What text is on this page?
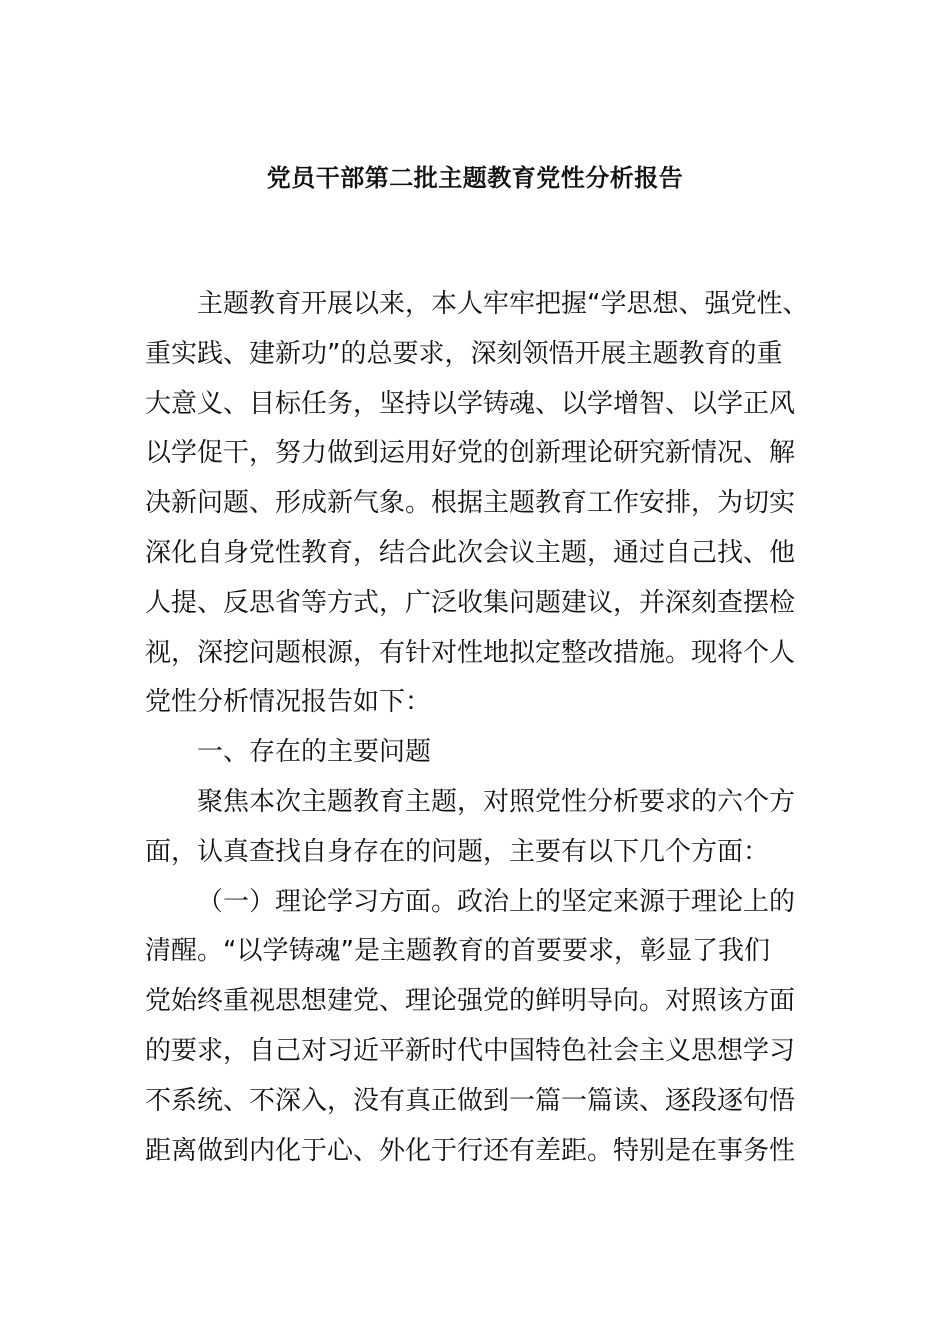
党员干部第二批主题教育党性分析报告
主题教育开展以来，本人牢牢把握“学思想、强党性、
重实践、建新功”的总要求，深刻领悟开展主题教育的重
大意义、目标任务，坚持以学铸魂、以学增智、以学正风
以学促干，努力做到运用好党的创新理论研究新情况、解
决新问题、形成新气象。根据主题教育工作安排，为切实
深化自身党性教育，结合此次会议主题，通过自己找、他
人提、反思省等方式，广泛收集问题建议，并深刻查摆检
视，深挖问题根源，有针对性地拟定整改措施。现将个人
党性分析情况报告如下：
一、存在的主要问题
聚焦本次主题教育主题，对照党性分析要求的六个方
面，认真查找自身存在的问题，主要有以下几个方面：
（一）理论学习方面。政治上的坚定来源于理论上的
清醒。“以学铸魂”是主题教育的首要要求，彰显了我们
党始终重视思想建党、理论强党的鲜明导向。对照该方面
的要求，自己对习近平新时代中国特色社会主义思想学习
不系统、不深入，没有真正做到一篇一篇读、逐段逐句悟
距离做到内化于心、外化于行还有差距。特别是在事务性
